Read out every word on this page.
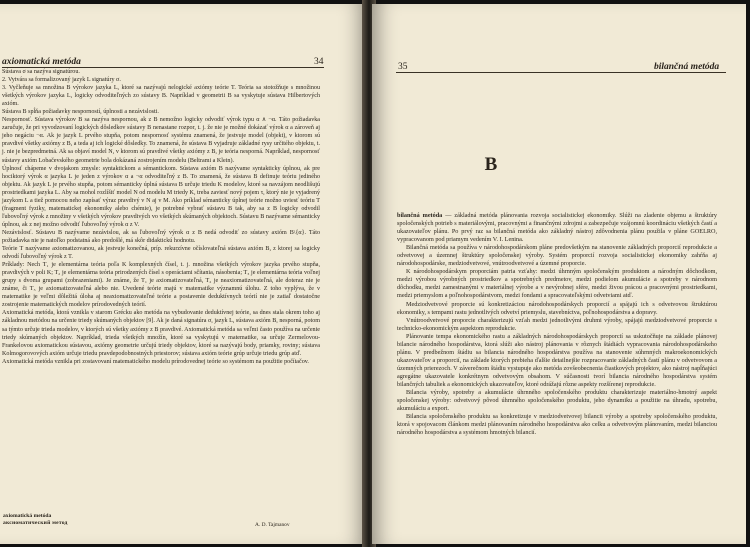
axiomatická metóda	34

Sústava σ sa nazýva signatúrou.

2. Vytvára sa formalizovaný jazyk L signatúry σ.

3. Vyčleňuje sa množina B výrokov jazyka L, ktoré sa nazývajú nelogické axiómy teórie T. Teória sa stotožňuje s množinou všetkých výrokov jazyka L, logicky odvoditeľných zo sústavy B. Napríklad v geometrii B sa vyskytuje sústava Hilbertových axióm.

Sústava B spĺňa požiadavky nesporností, úplnosti a nezávislosti.

Nespornosť. Sústava výrokov B sa nazýva nespornou, ak z B nemožno logicky odvodiť výrok typu α ∧ ¬α. Táto požiadavka zaručuje, že pri vyvodzovaní logických dôsledkov sústavy B nenastane rozpor, t. j. že nie je možné dokázať výrok α a zároveň aj jeho negáciu ¬α. Ak je jazyk L prvého stupňa, potom nespornosť systému znamená, že jestvuje model (objekt), v ktorom sú pravdivé všetky axiómy z B, a teda aj ich logické dôsledky. To znamená, že sústava B vyjadruje základné rysy určitého objektu, t. j. nie je bezpredmetná. Ak sa objaví model N, v ktorom sú pravdivé všetky axiómy z B, je teória nesporná. Napríklad, nespornosť sústavy axióm Lobačevského geometrie bola dokázaná zostrojením modelu (Beltrami a Klein).

Úplnosť chápeme v dvojakom zmysle: syntaktickom a sémantickom. Sústava axióm B nazývame syntakticky úplnou, ak pre hociktorý výrok α jazyka L je jeden z výrokov α a ¬α odvoditeľný z B. To znamená, že sústava B definuje teóriu jediného objektu. Ak jazyk L je prvého stupňa, potom sémanticky úplná sústava B určuje triedu K modelov, ktoré sa navzájom neodlišujú prostriedkami jazyka L. Aby sa mohol rozlíšiť model N od modelu M triedy K, treba zaviesť nový pojem τ, ktorý nie je vyjadrený jazykom L a tiež pomocou neho zapísať výraz pravdivý v N aj v M. Ako príklad sémanticky úplnej teórie možno uviesť teóriu T (fragment fyziky, matematickej ekonomiky alebo chémie), je potrebné vybrať sústavu B tak, aby sa z B logicky odvodil ľubovoľný výrok z množiny v všetkých výrokov pravdivých vo všetkých skúmaných objektoch. Sústavu B nazývame sémanticky úplnou, ak z nej možno odvodiť ľubovoľný výrok α z V.

Nezávislosť. Sústavu B nazývame nezávislou, ak sa ľubovoľný výrok α z B nedá odvodiť zo sústavy axióm B\{α}. Táto požiadavka nie je natoľko podstatná ako predošlé, má skôr didaktickú hodnotu.

Teórie T nazývame axiomatizovanou, ak jestvuje konečná, príp. rekurzívne očíslovateľná sústava axióm B, z ktorej sa logicky odvodí ľubovoľný výrok z T.

Príklady: Nech T₁ je elementárna teória poľa K komplexných čísel, t. j. množina všetkých výrokov jazyka prvého stupňa, pravdivých v poli K; T₂ je elementárna teória prirodzených čísel s operáciami sčítania, násobenia; T₃ je elementárna teória voľnej grupy s dvoma grupami (zobrazeniami). Je známe, že T₁ je axiomatizovateľná, T₂ je neaxiomatizovateľná, ale doteraz nie je známe, či T₃ je axiomatizovateľná alebo nie. Uvedené teórie majú v matematike významnú úlohu. Z toho vyplýva, že v matematike je veľmi dôležitá úloha aj neaxiomatizovateľné teórie a postavenie deduktívnych teórií nie je zatiaľ dostatočne zostrojenie matematických modelov prírodovedných teórií.

Axiomatická metóda, ktorá vznikla v starom Grécku ako metóda na vybudovanie deduktívnej teórie, sa dnes stala okrem toho aj základnou metódou na určenie triedy skúmaných objektov [9]. Ak je daná signatúra σ, jazyk L, sústava axióm B, nesporná, potom sa týmto určuje trieda modelov, v ktorých sú všetky axiómy z B pravdivé. Axiomatická metóda sa veľmi často používa na určenie triedy skúmaných objektov. Napríklad, trieda všetkých množín, ktoré sa vyskytujú v matematike, sa určuje Zermelovou-Frankelovou axiomatickou sústavou, axiómy geometrie určujú triedy objektov, ktoré sa nazývajú body, priamky, roviny; sústava Kolmogorovových axióm určuje triedu pravdepodobnostných priestorov; sústava axióm teórie grúp určuje triedu grúp atď.

Axiomatická metóda vznikla pri zostavovaní matematického modelu prírodovednej teórie so systémom na použitie počítačov.

axiomatická metóda
аксиоматический метод	A. D. Tajmanov
35	bilančná metóda
B

bilančná metóda — základná metóda plánovania rozvoja socialistickej ekonomiky. Slúži na zladenie objemu a štruktúry spoločenských potrieb s materiálovými, pracovnými a finančnými zdrojmi a zabezpečuje vzájomnú koordináciu všetkých častí a ukazovateľov plánu. Po prvý raz sa bilančná metóda ako základný nástroj zdôvodnenia plánu použila v pláne GOELRO, vypracovanom pod priamym vedením V. I. Lenina.

Bilančná metóda sa používa v národohospodárskom pláne predovšetkým na stanovenie základných proporcií reprodukcie a odvetvovej a územnej štruktúry spoločenskej výroby. Systém proporcií rozvoja socialistickej ekonomiky zahŕňa aj národohospodárske, medziodvetvové, vnútroodvetvové a územné proporcie.

K národohospodárskym proporciám patria vzťahy: medzi úhrnným spoločenským produktom a národným dôchodkom, medzi výrobou výrobných prostriedkov a spotrebných predmetov, medzi podielom akumulácie a spotreby v národnom dôchodku, medzi zamestnanými v materiálnej výrobe a v nevýrobnej sfére, medzi živou prácou a pracovnými prostriedkami, medzi priemyslom a poľnohospodárstvom, medzi fondami a spracovateľskými odvetviami atď.

Medziodvetvové proporcie sú konkretizáciou národohospodárskych proporcií a spájajú ich s odvetvovou štruktúrou ekonomiky, s tempami rastu jednotlivých odvetví priemyslu, stavebníctva, poľnohospodárstva a dopravy.

Vnútroodvetvové proporcie charakterizujú vzťah medzi jednotlivými druhmi výroby, spájajú medziodvetvové proporcie s technicko-ekonomickým aspektom reprodukcie.

Plánovanie tempa ekonomického rastu a základných národohospodárskych proporcií sa uskutočňuje na základe plánovej bilancie národného hospodárstva, ktorá slúži ako nástroj plánovania v rôznych štádiách vypracovania národohospodárskeho plánu. V predbežnom štádiu sa bilancia národného hospodárstva používa na stanovenie súhrnných makroekonomických ukazovateľov a proporcií, na základe ktorých prebieha ďalšie detailnejšie rozpracovanie základných častí plánu v odvetvovom a územných prierezoch. V záverečnom štádiu vystupuje ako metóda zovšeobecnenia čiastkových projektov, ako nástroj napĺňajúci agregátne ukazovatele konkrétnym odvetvovým obsahom. V súčasnosti tvorí bilancia národného hospodárstva systém bilančných tabuliek a ekonomických ukazovateľov, ktoré odrážajú rôzne aspekty rozšírenej reprodukcie.

Bilancia výroby, spotreby a akumulácie úhrnného spoločenského produktu charakterizuje materiálno-hmotný aspekt spoločenskej výroby: odvetvový pôvod úhrnného spoločenského produktu, jeho dynamiku a použitie na úhradu, spotrebu, akumuláciu a export.

Bilancia spoločenského produktu sa konkretizuje v medziodvetvovej bilancii výroby a spotreby spoločenského produktu, ktorá v spojovacom článkom medzi plánovaním národného hospodárstva ako celku a odvetvovým plánovaním, medzi bilanciou národného hospodárstva a systémom hmotných bilancií.
